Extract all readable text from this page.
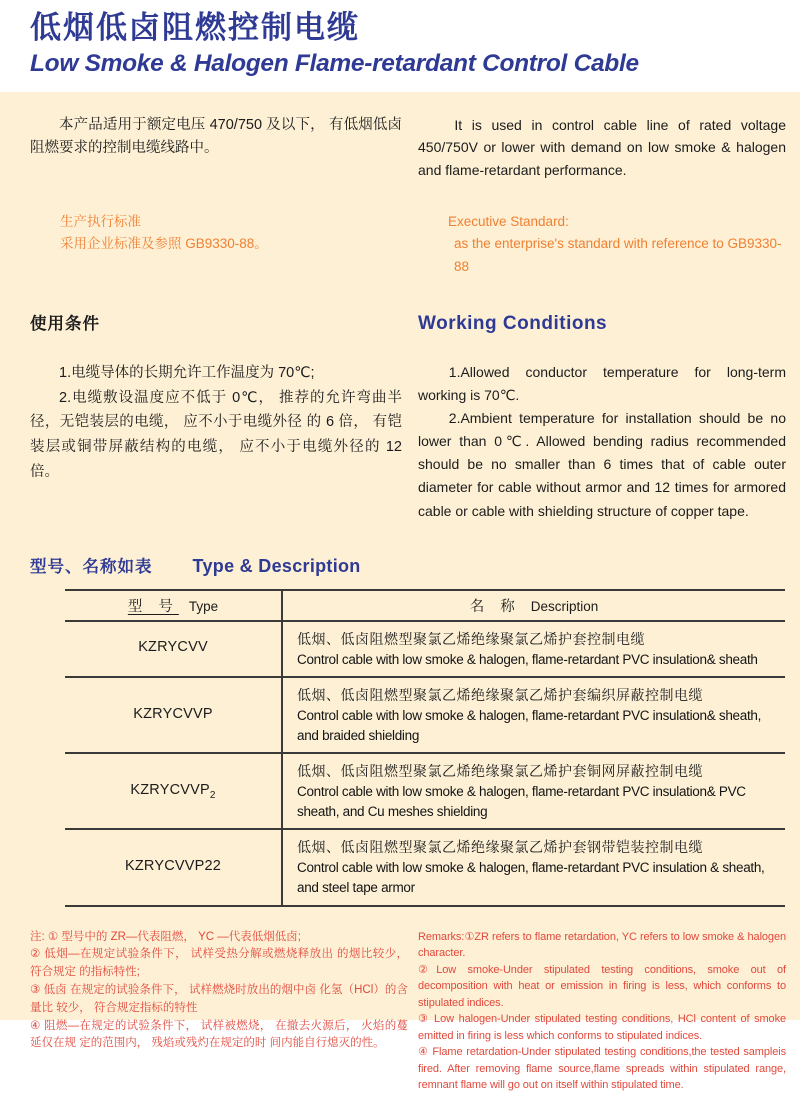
低烟低卤阻燃控制电缆
Low Smoke & Halogen Flame-retardant Control Cable

本产品适用于额定电压 470/750 及以下， 有低烟低卤阻燃要求的控制电缆线路中。

It is used in control cable line of rated voltage 450/750V or lower with demand on low smoke & halogen and flame-retardant performance.

生产执行标准
采用企业标准及参照 GB9330-88。
Executive Standard:
as the enterprise's standard with reference to GB9330-88
使用条件	Working Conditions

1.电缆导体的长期允许工作温度为 70℃;

2.电缆敷设温度应不低于 0℃， 推荐的允许弯曲半径，无铠装层的电缆， 应不小于电缆外径 的 6 倍， 有铠装层或铜带屏蔽结构的电缆， 应不小于电缆外径的 12 倍。

1.Allowed conductor temperature for long-term working is 70℃.

2.Ambient temperature for installation should be no lower than 0℃. Allowed bending radius recommended should be no smaller than 6 times that of cable outer diameter for cable without armor and 12 times for armored cable or cable with shielding structure of copper tape.

型号、名称如表 Type & Description
型 号 Type	名 称 Description
KZRYCVV	低烟、低卤阻燃型聚氯乙烯绝缘聚氯乙烯护套控制电缆
Control cable with low smoke & halogen, flame-retardant PVC insulation& sheath

KZRYCVVP	低烟、低卤阻燃型聚氯乙烯绝缘聚氯乙烯护套编织屏蔽控制电缆
Control cable with low smoke & halogen, flame-retardant PVC insulation& sheath, and braided shielding

$KZRYCVVP_2$	低烟、低卤阻燃型聚氯乙烯绝缘聚氯乙烯护套铜网屏蔽控制电缆
Control cable with low smoke & halogen, flame-retardant PVC insulation& PVC sheath, and Cu meshes shielding

KZRYCVVP22	低烟、低卤阻燃型聚氯乙烯绝缘聚氯乙烯护套钢带铠装控制电缆
Control cable with low smoke & halogen, flame-retardant PVC insulation & sheath, and steel tape armor
注: ① 型号中的 ZR—代表阻燃， YC —代表低烟低卤;
② 低烟—在规定试验条件下， 试样受热分解或燃烧释放出 的烟比较少， 符合规定 的指标特性;
③ 低卤 在规定的试验条件下， 试样燃烧时放出的烟中卤 化氢（HCl）的含量比 较少， 符合规定指标的特性
④ 阻燃—在规定的试验条件下， 试样被燃烧， 在撤去火源后， 火焰的蔓延仅在规 定的范围内， 残焰或残灼在规定的时 间内能自行熄灭的性。
Remarks:①ZR refers to flame retardation, YC refers to low smoke & halogen character.
②Low smoke-Under stipulated testing conditions, smoke out of decomposition with heat or emission in firing is less, which conforms to stipulated indices.
③ Low halogen-Under stipulated testing conditions, HCl content of smoke emitted in firing is less which conforms to stipulated indices.
④ Flame retardation-Under stipulated testing conditions,the tested sampleis fired. After removing flame source,flame spreads within stipulated range, remnant flame will go out on itself within stipulated time.
